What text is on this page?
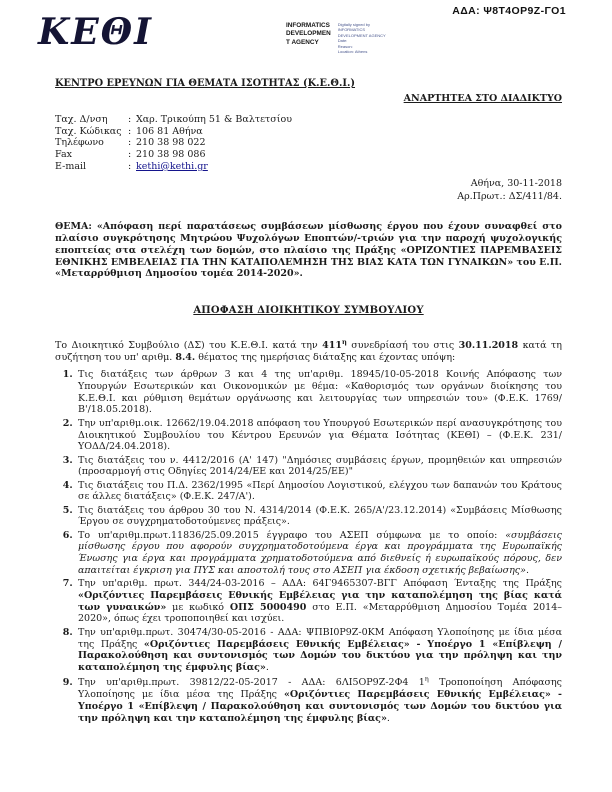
ΑΔΑ: Ψ8Τ4ΟΡ9Ζ-ΓΟ1
ΚΕΘΙ	INFORMATICS
DEVELOPMEN
T AGENCY
Digitally signed by
INFORMATICS
DEVELOPMENT AGENCY
Date:
Reason:
Location: Athens
ΚΕΝΤΡΟ ΕΡΕΥΝΩΝ ΓΙΑ ΘΕΜΑΤΑ ΙΣΟΤΗΤΑΣ (Κ.Ε.Θ.Ι.)
ΑΝΑΡΤΗΤΕΑ ΣΤΟ ΔΙΑΔΙΚΤΥΟ
Ταχ. Δ/νση	: Χαρ. Τρικούπη 51 & Βαλτετσίου
Ταχ. Κώδικας : 106 81 Αθήνα
Τηλέφωνο	: 210 38 98 022
Fax	: 210 38 98 086
E-mail	: kethi@kethi.gr
Αθήνα, 30-11-2018
Αρ.Πρωτ.: ΔΣ/411/84.

ΘΕΜΑ: «Απόφαση περί παρατάσεως συμβάσεων μίσθωσης έργου που έχουν συναφθεί στο πλαίσιο συγκρότησης Μητρώου Ψυχολόγων Εποπτών/-τριών για την παροχή ψυχολογικής εποπτείας στα στελέχη των δομών, στο πλαίσιο της Πράξης «ΟΡΙΖΟΝΤΙΕΣ ΠΑΡΕΜΒΑΣΕΙΣ ΕΘΝΙΚΗΣ ΕΜΒΕΛΕΙΑΣ ΓΙΑ ΤΗΝ ΚΑΤΑΠΟΛΕΜΗΣΗ ΤΗΣ ΒΙΑΣ ΚΑΤΑ ΤΩΝ ΓΥΝΑΙΚΩΝ» του Ε.Π. «Μεταρρύθμιση Δημοσίου τομέα 2014-2020».

ΑΠΟΦΑΣΗ ΔΙΟΙΚΗΤΙΚΟΥ ΣΥΜΒΟΥΛΙΟΥ

Το Διοικητικό Συμβούλιο (ΔΣ) του Κ.Ε.Θ.Ι. κατά την $411^\eta$ συνεδρίασή του στις 30.11.2018 κατά τη συζήτηση του υπ' αριθμ. 8.4. θέματος της ημερήσιας διάταξης και έχοντας υπόψη:

1. Τις διατάξεις των άρθρων 3 και 4 της υπ'αριθμ. 18945/10-05-2018 Κοινής Απόφασης των Υπουργών Εσωτερικών και Οικονομικών με θέμα: «Καθορισμός των οργάνων διοίκησης του Κ.Ε.Θ.Ι. και ρύθμιση θεμάτων οργάνωσης και λειτουργίας των υπηρεσιών του» (Φ.Ε.Κ. 1769/Β'/18.05.2018).
2. Την υπ'αριθμ.οικ. 12662/19.04.2018 απόφαση του Υπουργού Εσωτερικών περί ανασυγκρότησης του Διοικητικού Συμβουλίου του Κέντρου Ερευνών για Θέματα Ισότητας (ΚΕΘΙ) – (Φ.Ε.Κ. 231/ΥΟΔΔ/24.04.2018).
3. Τις διατάξεις του ν. 4412/2016 (Α' 147) "Δημόσιες συμβάσεις έργων, προμηθειών και υπηρεσιών (προσαρμογή στις Οδηγίες 2014/24/ΕΕ και 2014/25/ΕΕ)"
4. Τις διατάξεις του Π.Δ. 2362/1995 «Περί Δημοσίου Λογιστικού, ελέγχου των δαπανών του Κράτους σε άλλες διατάξεις» (Φ.Ε.Κ. 247/Α').
5. Τις διατάξεις του άρθρου 30 του Ν. 4314/2014 (Φ.Ε.Κ. 265/Α'/23.12.2014) «Συμβάσεις Μίσθωσης Έργου σε συγχρηματοδοτούμενες πράξεις».
6. Το υπ'αριθμ.πρωτ.11836/25.09.2015 έγγραφο του ΑΣΕΠ σύμφωνα με το οποίο: «συμβάσεις μίσθωσης έργου που αφορούν συγχρηματοδοτούμενα έργα και προγράμματα της Ευρωπαϊκής Ένωσης για έργα και προγράμματα χρηματοδοτούμενα από διεθνείς ή ευρωπαϊκούς πόρους, δεν απαιτείται έγκριση για ΠΥΣ και αποστολή τους στο ΑΣΕΠ για έκδοση σχετικής βεβαίωσης».
7. Την υπ'αριθμ. πρωτ. 344/24-03-2016 – ΑΔΑ: 64Γ9465307-ΒΓΓ Απόφαση Ένταξης της Πράξης «Οριζόντιες Παρεμβάσεις Εθνικής Εμβέλειας για την καταπολέμηση της βίας κατά των γυναικών» με κωδικό ΟΠΣ 5000490 στο Ε.Π. «Μεταρρύθμιση Δημοσίου Τομέα 2014–2020», όπως έχει τροποποιηθεί και ισχύει.
8. Την υπ'αριθμ.πρωτ. 30474/30-05-2016 - ΑΔΑ: ΨΠΒΙ0Ρ9Ζ-0ΚΜ Απόφαση Υλοποίησης με ίδια μέσα της Πράξης «Οριζόντιες Παρεμβάσεις Εθνικής Εμβέλειας» - Υποέργο 1 «Επίβλεψη / Παρακολούθηση και συντονισμός των Δομών του δικτύου για την πρόληψη και την καταπολέμηση της έμφυλης βίας».
9. Την υπ'αριθμ.πρωτ. 39812/22-05-2017 - ΑΔΑ: 6ΛΙ5ΟΡ9Ζ-2Φ4 $1^\eta$ Τροποποίηση Απόφασης Υλοποίησης με ίδια μέσα της Πράξης «Οριζόντιες Παρεμβάσεις Εθνικής Εμβέλειας» - Υποέργο 1 «Επίβλεψη / Παρακολούθηση και συντονισμός των Δομών του δικτύου για την πρόληψη και την καταπολέμηση της έμφυλης βίας».
